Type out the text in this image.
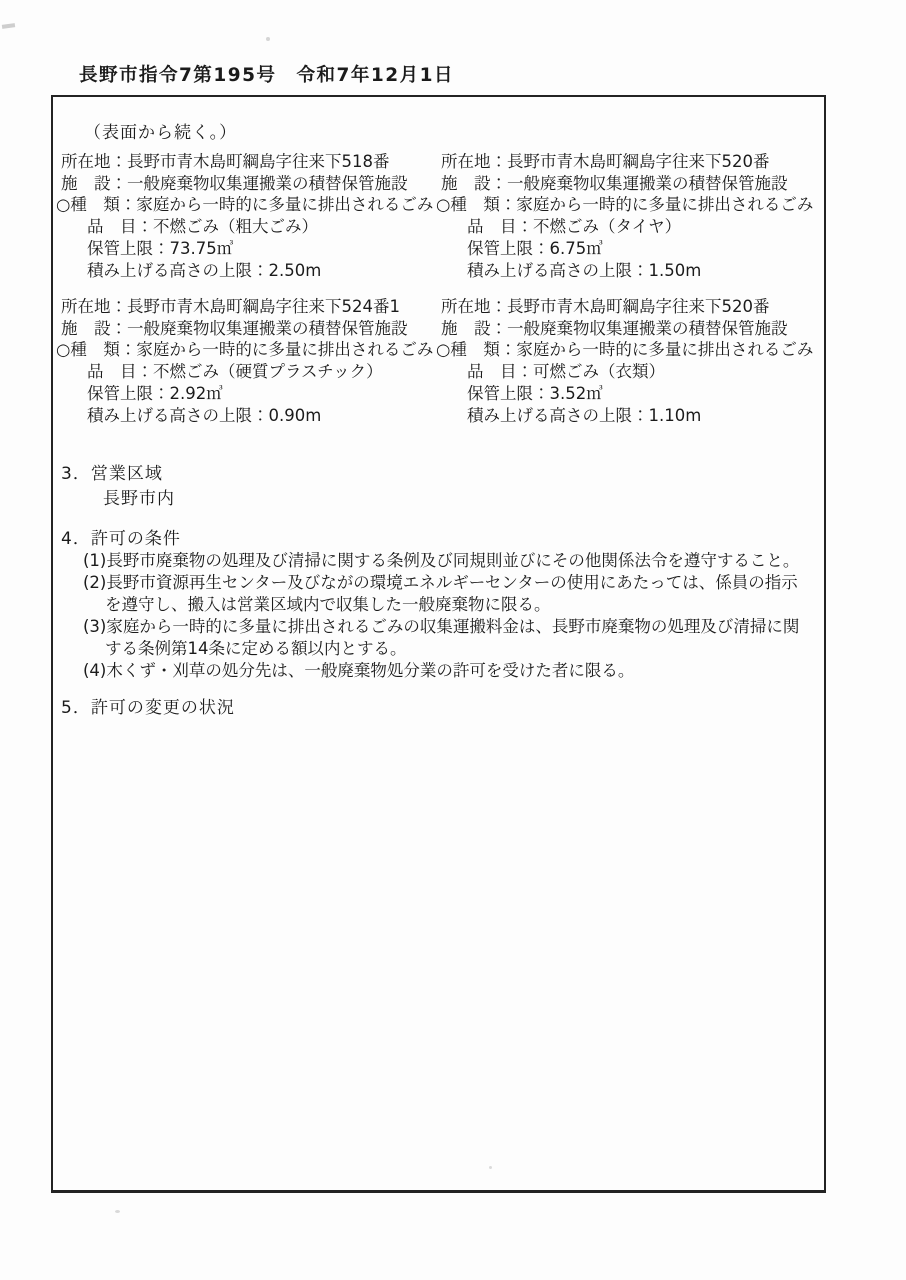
長野市指令7第195号　令和7年12月1日
（表面から続く。）
所在地：長野市青木島町綱島字往来下518番
施　設：一般廃棄物収集運搬業の積替保管施設
○種　類：家庭から一時的に多量に排出されるごみ
品　目：不燃ごみ（粗大ごみ）
保管上限：73.75㎥
積み上げる高さの上限：2.50m
所在地：長野市青木島町綱島字往来下520番
施　設：一般廃棄物収集運搬業の積替保管施設
○種　類：家庭から一時的に多量に排出されるごみ
品　目：不燃ごみ（タイヤ）
保管上限：6.75㎥
積み上げる高さの上限：1.50m
所在地：長野市青木島町綱島字往来下524番1
施　設：一般廃棄物収集運搬業の積替保管施設
○種　類：家庭から一時的に多量に排出されるごみ
品　目：不燃ごみ（硬質プラスチック）
保管上限：2.92㎥
積み上げる高さの上限：0.90m
所在地：長野市青木島町綱島字往来下520番
施　設：一般廃棄物収集運搬業の積替保管施設
○種　類：家庭から一時的に多量に排出されるごみ
品　目：可燃ごみ（衣類）
保管上限：3.52㎥
積み上げる高さの上限：1.10m
3．営業区域
長野市内
4．許可の条件
(1)長野市廃棄物の処理及び清掃に関する条例及び同規則並びにその他関係法令を遵守すること。
(2)長野市資源再生センター及びながの環境エネルギーセンターの使用にあたっては、係員の指示
を遵守し、搬入は営業区域内で収集した一般廃棄物に限る。
(3)家庭から一時的に多量に排出されるごみの収集運搬料金は、長野市廃棄物の処理及び清掃に関
する条例第14条に定める額以内とする。
(4)木くず・刈草の処分先は、一般廃棄物処分業の許可を受けた者に限る。
5．許可の変更の状況
